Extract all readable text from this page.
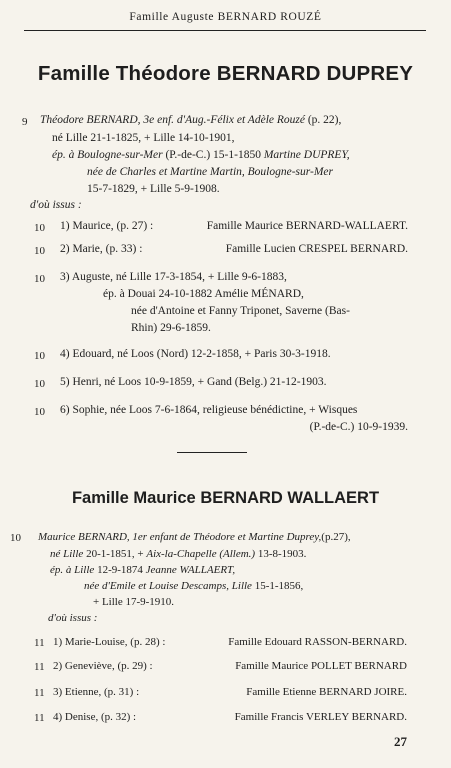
Famille Auguste BERNARD ROUZÉ
Famille Théodore BERNARD DUPREY
9 Théodore BERNARD, 3e enf. d'Aug.-Félix et Adèle Rouzé (p. 22),
né Lille 21-1-1825, + Lille 14-10-1901,
ép. à Boulogne-sur-Mer (P.-de-C.) 15-1-1850 Martine DUPREY,
née de Charles et Martine Martin, Boulogne-sur-Mer
15-7-1829, + Lille 5-9-1908.
d'où issus :
10 1) Maurice, (p. 27) :	Famille Maurice BERNARD-WALLAERT.
10 2) Marie, (p. 33) :	Famille Lucien CRESPEL BERNARD.
10 3) Auguste, né Lille 17-3-1854, + Lille 9-6-1883,
ép. à Douai 24-10-1882 Amélie MÉNARD,
née d'Antoine et Fanny Triponet, Saverne (Bas-
Rhin) 29-6-1859.
10 4) Edouard, né Loos (Nord) 12-2-1858, + Paris 30-3-1918.
10 5) Henri, né Loos 10-9-1859, + Gand (Belg.) 21-12-1903.
10 6) Sophie, née Loos 7-6-1864, religieuse bénédictine, + Wisques
(P.-de-C.) 10-9-1939.
Famille Maurice BERNARD WALLAERT
10 Maurice BERNARD, 1er enfant de Théodore et Martine Duprey,(p.27),
né Lille 20-1-1851, + Aix-la-Chapelle (Allem.) 13-8-1903.
ép. à Lille 12-9-1874 Jeanne WALLAERT,
née d'Emile et Louise Descamps, Lille 15-1-1856,
+ Lille 17-9-1910.
d'où issus :
11 1) Marie-Louise, (p. 28) :	Famille Edouard RASSON-BERNARD.
11 2) Geneviève, (p. 29) :	Famille Maurice POLLET BERNARD
11 3) Etienne, (p. 31) :	Famille Etienne BERNARD JOIRE.
11 4) Denise, (p. 32) :	Famille Francis VERLEY BERNARD.
27
